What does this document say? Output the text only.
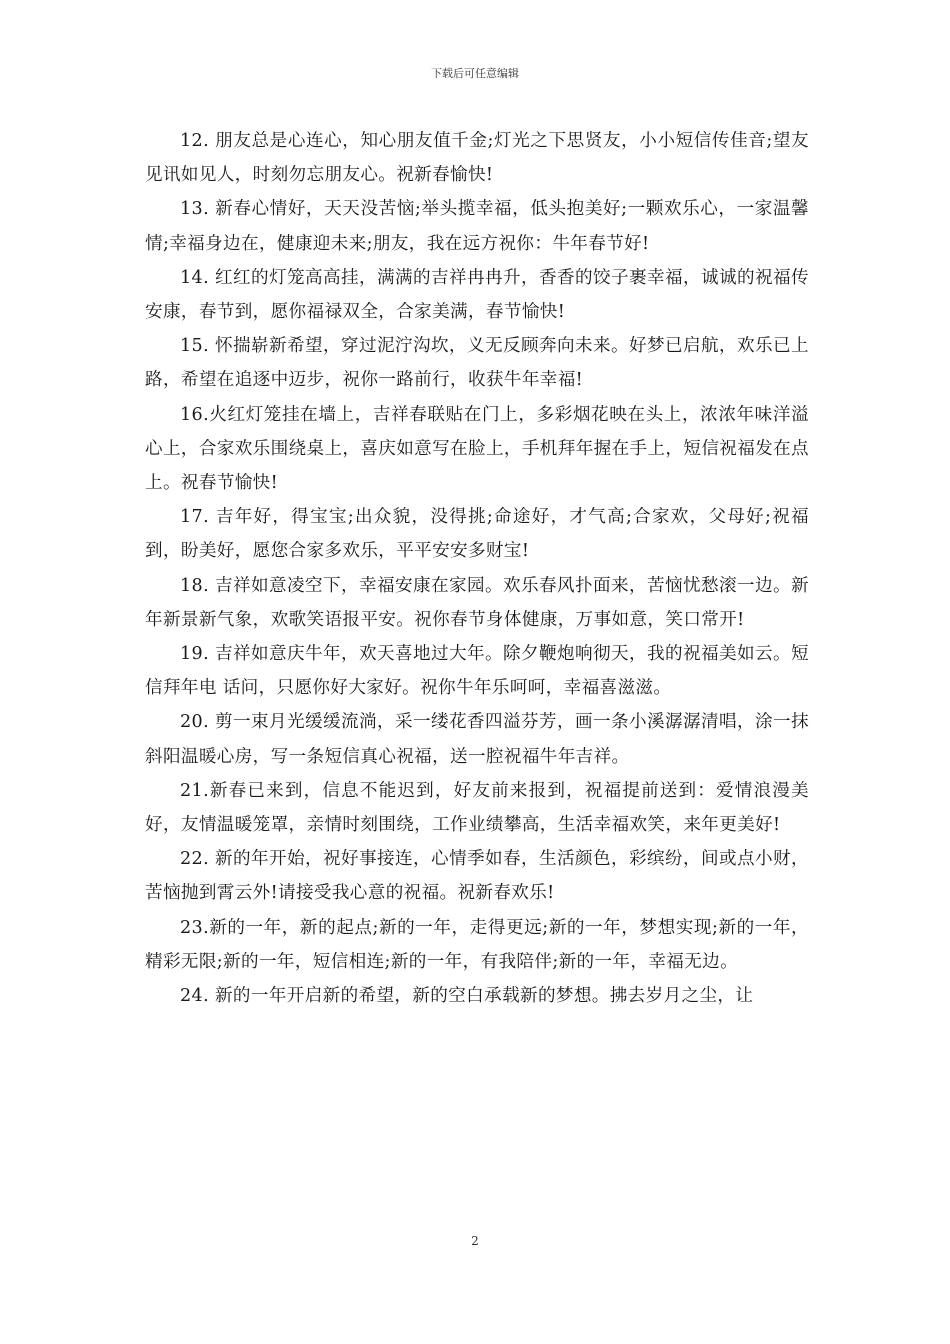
下载后可任意编辑

12. 朋友总是心连心，知心朋友值千金;灯光之下思贤友，小小短信传佳音;望友见讯如见人，时刻勿忘朋友心。祝新春愉快!

13. 新春心情好，天天没苦恼;举头揽幸福，低头抱美好;一颗欢乐心，一家温馨情;幸福身边在，健康迎未来;朋友，我在远方祝你：牛年春节好!

14. 红红的灯笼高高挂，满满的吉祥冉冉升，香香的饺子裹幸福，诚诚的祝福传安康，春节到，愿你福禄双全，合家美满，春节愉快!

15. 怀揣崭新希望，穿过泥泞沟坎，义无反顾奔向未来。好梦已启航，欢乐已上路，希望在追逐中迈步，祝你一路前行，收获牛年幸福!

16.火红灯笼挂在墙上，吉祥春联贴在门上，多彩烟花映在头上，浓浓年味洋溢心上，合家欢乐围绕桌上，喜庆如意写在脸上，手机拜年握在手上，短信祝福发在点上。祝春节愉快!

17. 吉年好，得宝宝;出众貌，没得挑;命途好，才气高;合家欢，父母好;祝福到，盼美好，愿您合家多欢乐，平平安安多财宝!

18. 吉祥如意凌空下，幸福安康在家园。欢乐春风扑面来，苦恼忧愁滚一边。新年新景新气象，欢歌笑语报平安。祝你春节身体健康，万事如意，笑口常开!

19. 吉祥如意庆牛年，欢天喜地过大年。除夕鞭炮响彻天，我的祝福美如云。短信拜年电 话问，只愿你好大家好。祝你牛年乐呵呵，幸福喜滋滋。

20. 剪一束月光缓缓流淌，采一缕花香四溢芬芳，画一条小溪潺潺清唱，涂一抹斜阳温暖心房，写一条短信真心祝福，送一腔祝福牛年吉祥。

21.新春已来到，信息不能迟到，好友前来报到，祝福提前送到：爱情浪漫美好，友情温暖笼罩，亲情时刻围绕，工作业绩攀高，生活幸福欢笑，来年更美好!

22. 新的年开始，祝好事接连，心情季如春，生活颜色，彩缤纷，间或点小财，苦恼抛到霄云外!请接受我心意的祝福。祝新春欢乐!

23.新的一年，新的起点;新的一年，走得更远;新的一年，梦想实现;新的一年，精彩无限;新的一年，短信相连;新的一年，有我陪伴;新的一年，幸福无边。

24. 新的一年开启新的希望，新的空白承载新的梦想。拂去岁月之尘，让

2
